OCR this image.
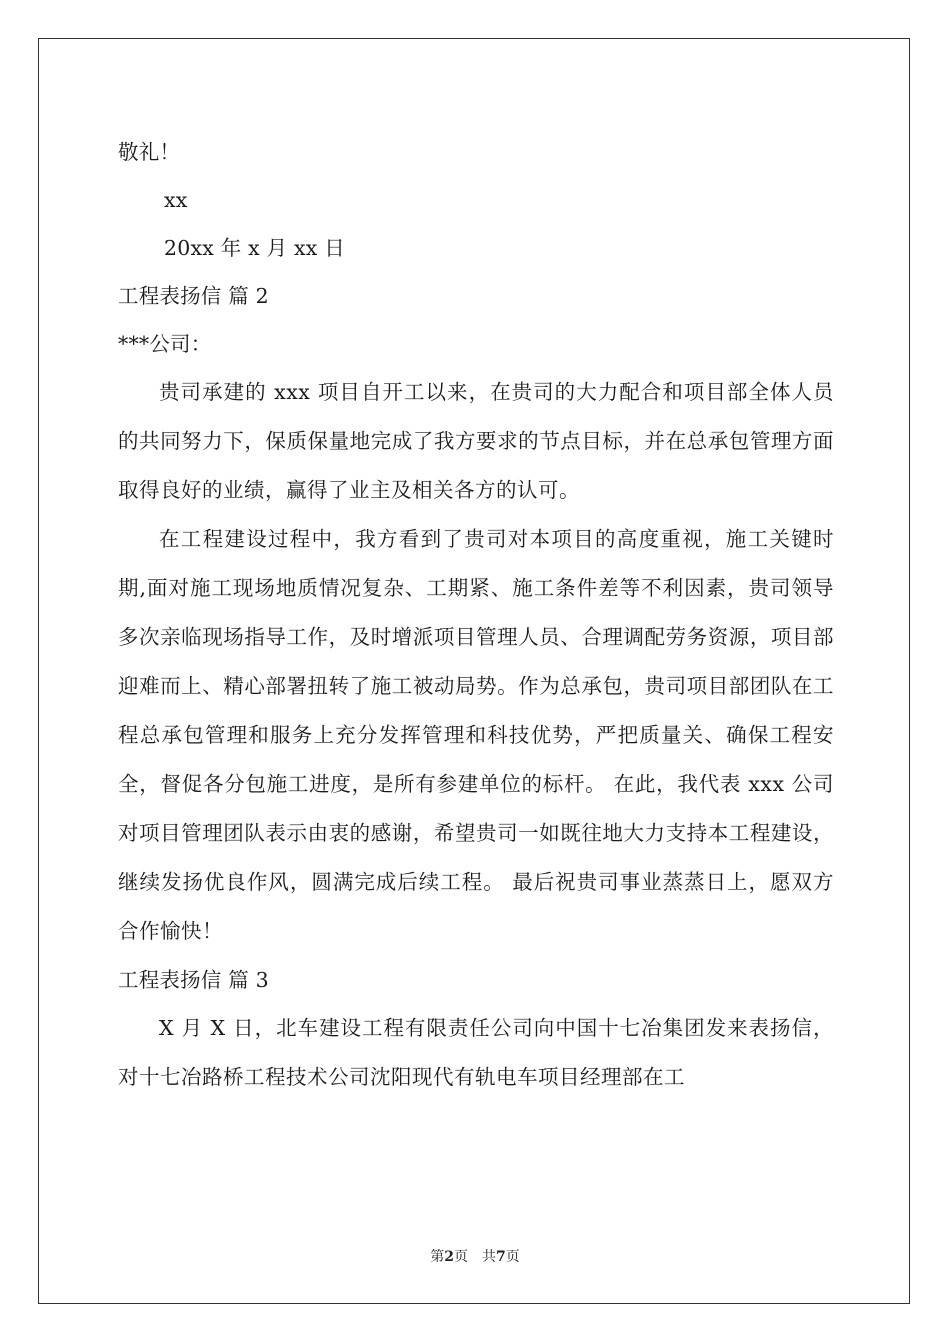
敬礼！
xx
20xx 年 x 月 xx 日
工程表扬信 篇 2
***公司：
贵司承建的 xxx 项目自开工以来，在贵司的大力配合和项目部全体人员的共同努力下，保质保量地完成了我方要求的节点目标，并在总承包管理方面取得良好的业绩，赢得了业主及相关各方的认可。
在工程建设过程中，我方看到了贵司对本项目的高度重视，施工关键时期,面对施工现场地质情况复杂、工期紧、施工条件差等不利因素，贵司领导多次亲临现场指导工作，及时增派项目管理人员、合理调配劳务资源，项目部迎难而上、精心部署扭转了施工被动局势。作为总承包，贵司项目部团队在工程总承包管理和服务上充分发挥管理和科技优势，严把质量关、确保工程安全，督促各分包施工进度，是所有参建单位的标杆。 在此，我代表 xxx 公司对项目管理团队表示由衷的感谢，希望贵司一如既往地大力支持本工程建设，继续发扬优良作风，圆满完成后续工程。 最后祝贵司事业蒸蒸日上，愿双方合作愉快！
工程表扬信 篇 3
X 月 X 日，北车建设工程有限责任公司向中国十七冶集团发来表扬信，对十七冶路桥工程技术公司沈阳现代有轨电车项目经理部在工
第2页　共7页
